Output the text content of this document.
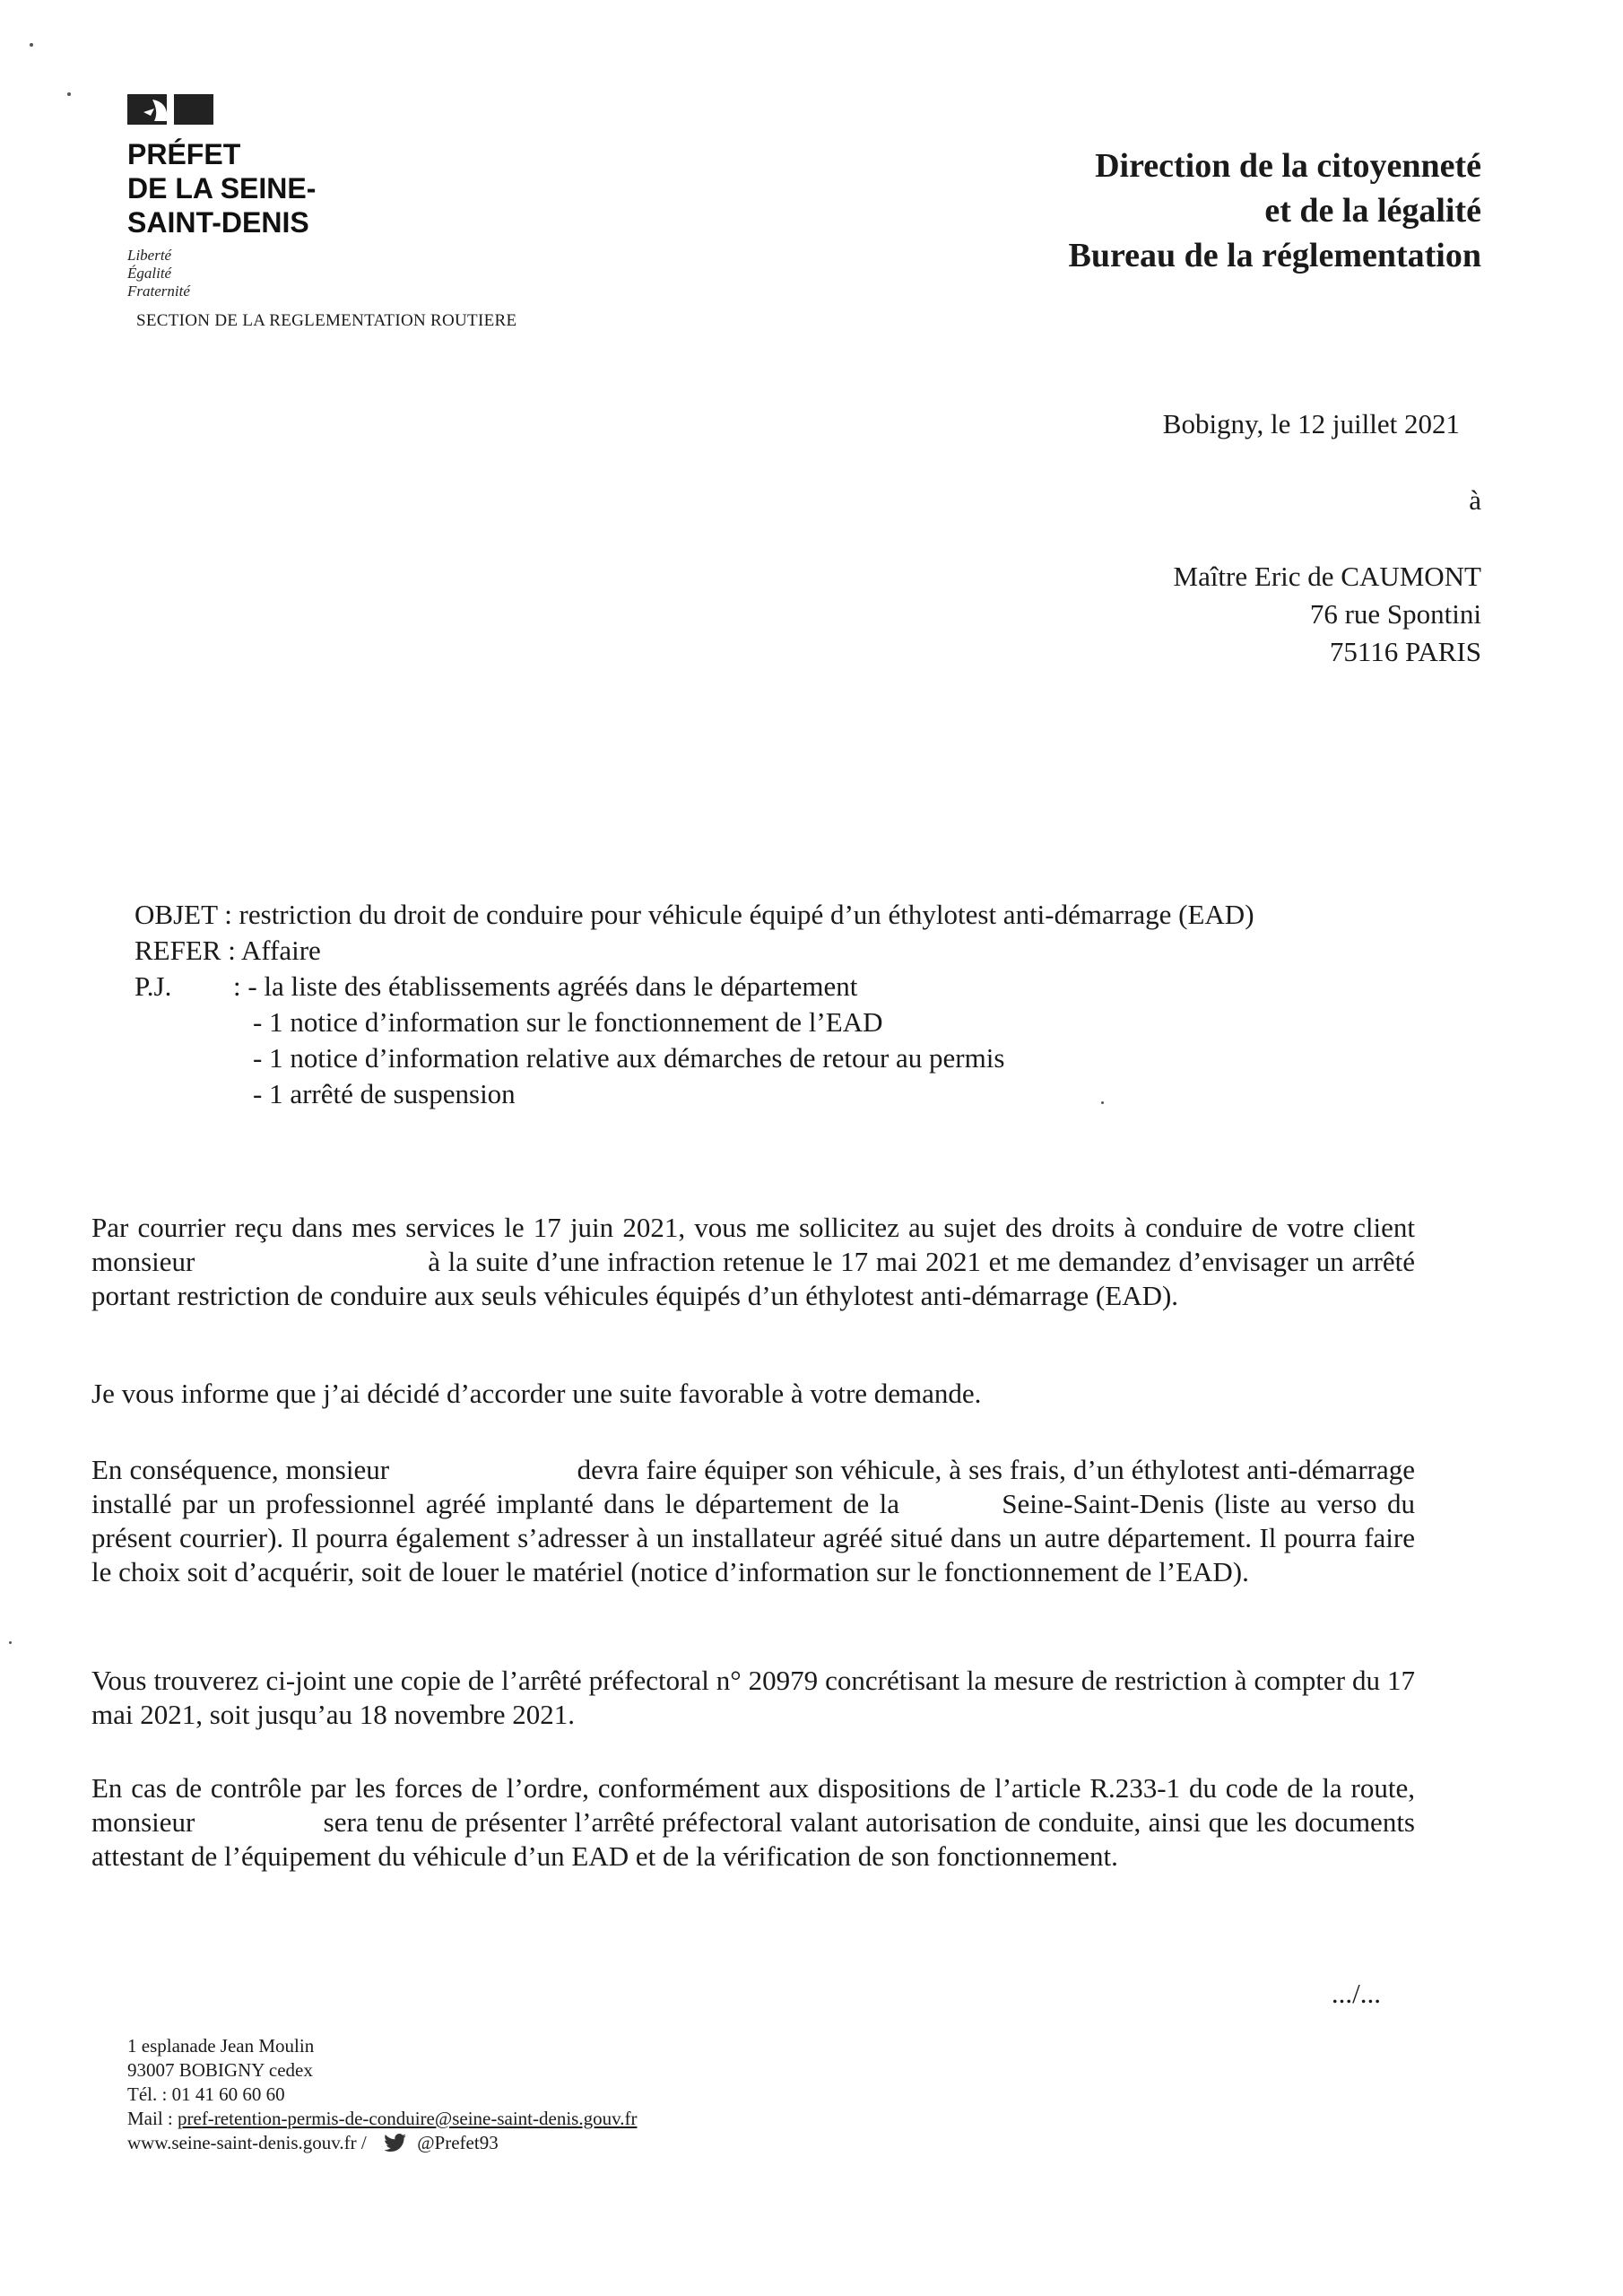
PRÉFET
DE LA SEINE-
SAINT-DENIS
Liberté
Égalité
Fraternité
SECTION DE LA REGLEMENTATION ROUTIERE
Direction de la citoyenneté
et de la légalité
Bureau de la réglementation
Bobigny, le 12 juillet 2021
à
Maître Eric de CAUMONT
76 rue Spontini
75116 PARIS
OBJET : restriction du droit de conduire pour véhicule équipé d’un éthylotest anti-démarrage (EAD)
REFER : Affaire
P.J. : - la liste des établissements agréés dans le département
- 1 notice d’information sur le fonctionnement de l’EAD
- 1 notice d’information relative aux démarches de retour au permis
- 1 arrêté de suspension

Par courrier reçu dans mes services le 17 juin 2021, vous me sollicitez au sujet des droits à conduire de votre client monsieur                              à la suite d’une infraction retenue le 17 mai 2021 et me demandez d’envisager un arrêté portant restriction de conduire aux seuls véhicules équipés d’un éthylotest anti-démarrage (EAD).

Je vous informe que j’ai décidé d’accorder une suite favorable à votre demande.

En conséquence, monsieur                          devra faire équiper son véhicule, à ses frais, d’un éthylotest anti-démarrage installé par un professionnel agréé implanté dans le département de la          Seine-Saint-Denis (liste au verso du présent courrier). Il pourra également s’adresser à un installateur agréé situé dans un autre département. Il pourra faire le choix soit d’acquérir, soit de louer le matériel (notice d’information sur le fonctionnement de l’EAD).

Vous trouverez ci-joint une copie de l’arrêté préfectoral n° 20979 concrétisant la mesure de restriction à compter du 17 mai 2021, soit jusqu’au 18 novembre 2021.

En cas de contrôle par les forces de l’ordre, conformément aux dispositions de l’article R.233-1 du code de la route, monsieur                 sera tenu de présenter l’arrêté préfectoral valant autorisation de conduite, ainsi que les documents attestant de l’équipement du véhicule d’un EAD et de la vérification de son fonctionnement.

.../...
1 esplanade Jean Moulin
93007 BOBIGNY cedex
Tél. : 01 41 60 60 60
Mail : pref-retention-permis-de-conduire@seine-saint-denis.gouv.fr
www.seine-saint-denis.gouv.fr /	@Prefet93
